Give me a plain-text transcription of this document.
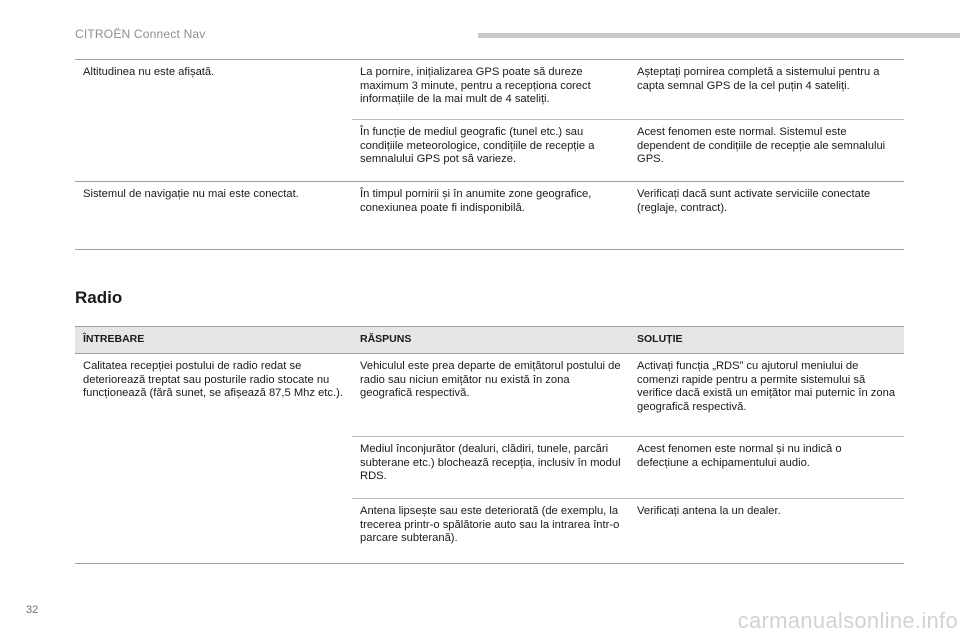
CITROËN Connect Nav
Altitudinea nu este afișată.	La pornire, inițializarea GPS poate să dureze maximum 3 minute, pentru a recepționa corect informațiile de la mai mult de 4 sateliți.	Așteptați pornirea completă a sistemului pentru a capta semnal GPS de la cel puțin 4 sateliți.
	În funcție de mediul geografic (tunel etc.) sau condițiile meteorologice, condițiile de recepție a semnalului GPS pot să varieze.	Acest fenomen este normal. Sistemul este dependent de condițiile de recepție ale semnalului GPS.
Sistemul de navigație nu mai este conectat.	În timpul pornirii și în anumite zone geografice, conexiunea poate fi indisponibilă.	Verificați dacă sunt activate serviciile conectate (reglaje, contract).
Radio
ÎNTREBARE	RĂSPUNS	SOLUȚIE
Calitatea recepției postului de radio redat se deteriorează treptat sau posturile radio stocate nu funcționează (fără sunet, se afișează 87,5 Mhz etc.).	Vehiculul este prea departe de emițătorul postului de radio sau niciun emițător nu există în zona geografică respectivă.	Activați funcția „RDS” cu ajutorul meniului de comenzi rapide pentru a permite sistemului să verifice dacă există un emițător mai puternic în zona geografică respectivă.
	Mediul înconjurător (dealuri, clădiri, tunele, parcări subterane etc.) blochează recepția, inclusiv în modul RDS.	Acest fenomen este normal și nu indică o defecțiune a echipamentului audio.
	Antena lipsește sau este deteriorată (de exemplu, la trecerea printr-o spălătorie auto sau la intrarea într-o parcare subterană).	Verificați antena la un dealer.
32	carmanualsonline.info
